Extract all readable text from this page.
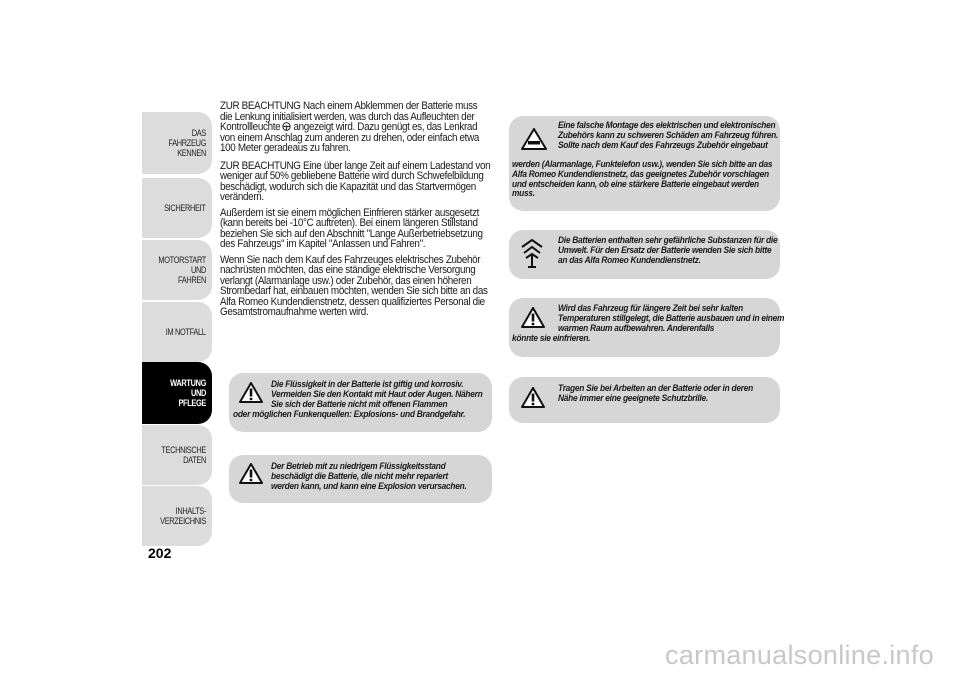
DAS FAHRZEUG
KENNEN
SICHERHEIT
MOTORSTART UND
FAHREN
IM NOTFALL
WARTUNG UND
PFLEGE
TECHNISCHE DATEN
INHALTS-
VERZEICHNIS
202

ZUR BEACHTUNG Nach einem Abklemmen der Batterie muss die Lenkung initialisiert werden, was durch das Aufleuchten der Kontrollleuchte angezeigt wird. Dazu genügt es, das Lenkrad von einem Anschlag zum anderen zu drehen, oder einfach etwa 100 Meter geradeaus zu fahren.

ZUR BEACHTUNG Eine über lange Zeit auf einem Ladestand von weniger auf 50% gebliebene Batterie wird durch Schwefelbildung beschädigt, wodurch sich die Kapazität und das Startvermögen verändern.

Außerdem ist sie einem möglichen Einfrieren stärker ausgesetzt (kann bereits bei -10°C auftreten). Bei einem längeren Stillstand beziehen Sie sich auf den Abschnitt "Lange Außerbetriebsetzung des Fahrzeugs" im Kapitel "Anlassen und Fahren".

Wenn Sie nach dem Kauf des Fahrzeuges elektrisches Zubehör nachrüsten möchten, das eine ständige elektrische Versorgung verlangt (Alarmanlage usw.) oder Zubehör, das einen höheren Strombedarf hat, einbauen möchten, wenden Sie sich bitte an das Alfa Romeo Kundendienstnetz, dessen qualifiziertes Personal die Gesamtstromaufnahme werten wird.

Die Flüssigkeit in der Batterie ist giftig und korrosiv. Vermeiden Sie den Kontakt mit Haut oder Augen. Nähern Sie sich der Batterie nicht mit offenen Flammen
oder möglichen Funkenquellen: Explosions- und Brandgefahr.
Der Betrieb mit zu niedrigem Flüssigkeitsstand beschädigt die Batterie, die nicht mehr repariert werden kann, und kann eine Explosion verursachen.
Eine falsche Montage des elektrischen und elektronischen Zubehörs kann zu schweren Schäden am Fahrzeug führen. Sollte nach dem Kauf des Fahrzeugs Zubehör eingebaut
werden (Alarmanlage, Funktelefon usw.), wenden Sie sich bitte an das Alfa Romeo Kundendienstnetz, das geeignetes Zubehör vorschlagen und entscheiden kann, ob eine stärkere Batterie eingebaut werden muss.
Die Batterien enthalten sehr gefährliche Substanzen für die Umwelt. Für den Ersatz der Batterie wenden Sie sich bitte an das Alfa Romeo Kundendienstnetz.
Wird das Fahrzeug für längere Zeit bei sehr kalten Temperaturen stillgelegt, die Batterie ausbauen und in einem warmen Raum aufbewahren. Anderenfalls
könnte sie einfrieren.
Tragen Sie bei Arbeiten an der Batterie oder in deren Nähe immer eine geeignete Schutzbrille.
carmanualsonline.info
